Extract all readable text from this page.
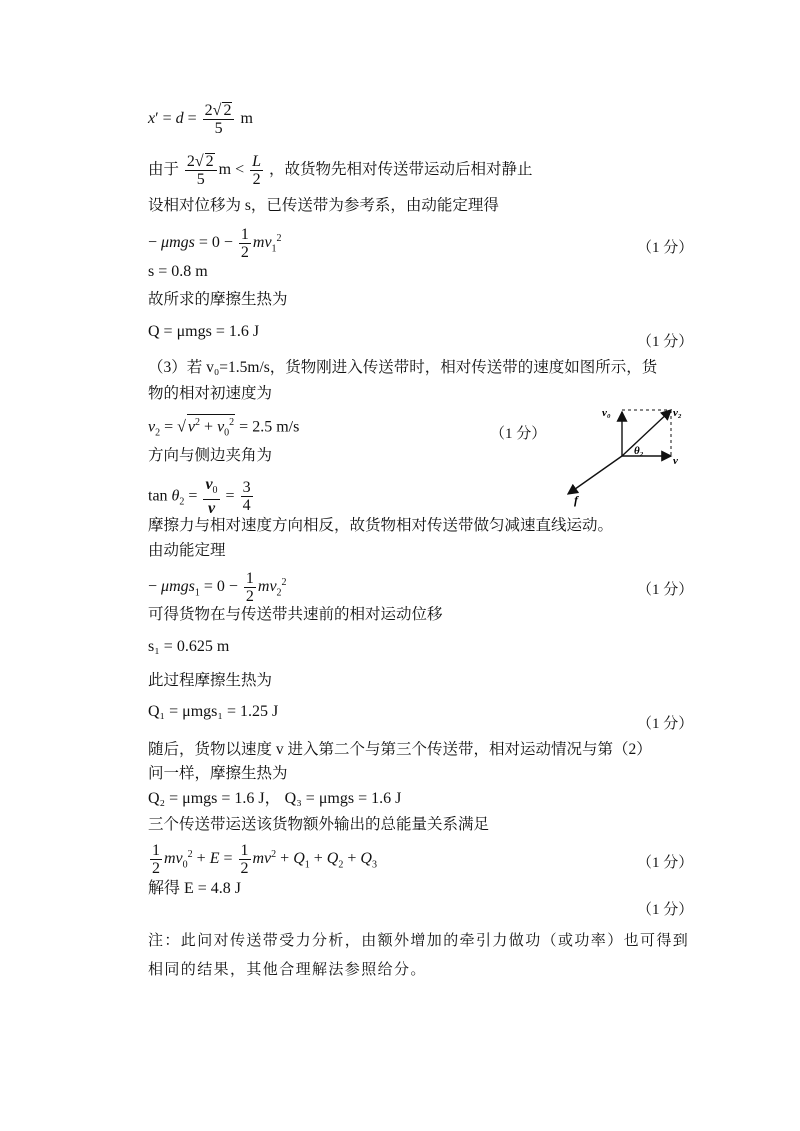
$x' = d = \frac{2√ 2}{5}$ m
由于 $\frac{2√ 2}{5}$ $m < \frac{L}{2}$ ，故货物先相对传送带运动后相对静止
设相对位移为 s，已传送带为参考系，由动能定理得
− $\mu mgs = 0 - \frac{1}{2} mv_1^2$
（1 分）
s = 0.8 m
故所求的摩擦生热为
Q = μmgs = 1.6 J
（1 分）
（3）若 v₀=1.5m/s，货物刚进入传送带时，相对传送带的速度如图所示，货
物的相对初速度为
$v_2$ = √ $v^2 + v_0^2 = 2.5$ m/s	（1 分）
方向与侧边夹角为
$\tan \theta_2 = \frac{v_0}{v} = \frac{3}{4}$
v₀	v₂
θ₂
v
f
摩擦力与相对速度方向相反，故货物相对传送带做匀减速直线运动。
由动能定理
− $\mu mgs_1 = 0 - \frac{1}{2} mv_2^2$	（1 分）
可得货物在与传送带共速前的相对运动位移
s₁ = 0.625 m
此过程摩擦生热为
Q₁ = μmgs₁ = 1.25 J
（1 分）
随后，货物以速度 v 进入第二个与第三个传送带，相对运动情况与第（2）
问一样，摩擦生热为
Q₂ = μmgs = 1.6 J， Q₃ = μmgs = 1.6 J
三个传送带运送该货物额外输出的总能量关系满足
$\frac{1}{2} mv_0^2 + E = \frac{1}{2} mv^2 + Q_1 + Q_2 + Q_3$	（1 分）
解得 E = 4.8 J
（1 分）
注：此问对传送带受力分析，由额外增加的牵引力做功（或功率）也可得到
相同的结果，其他合理解法参照给分。
